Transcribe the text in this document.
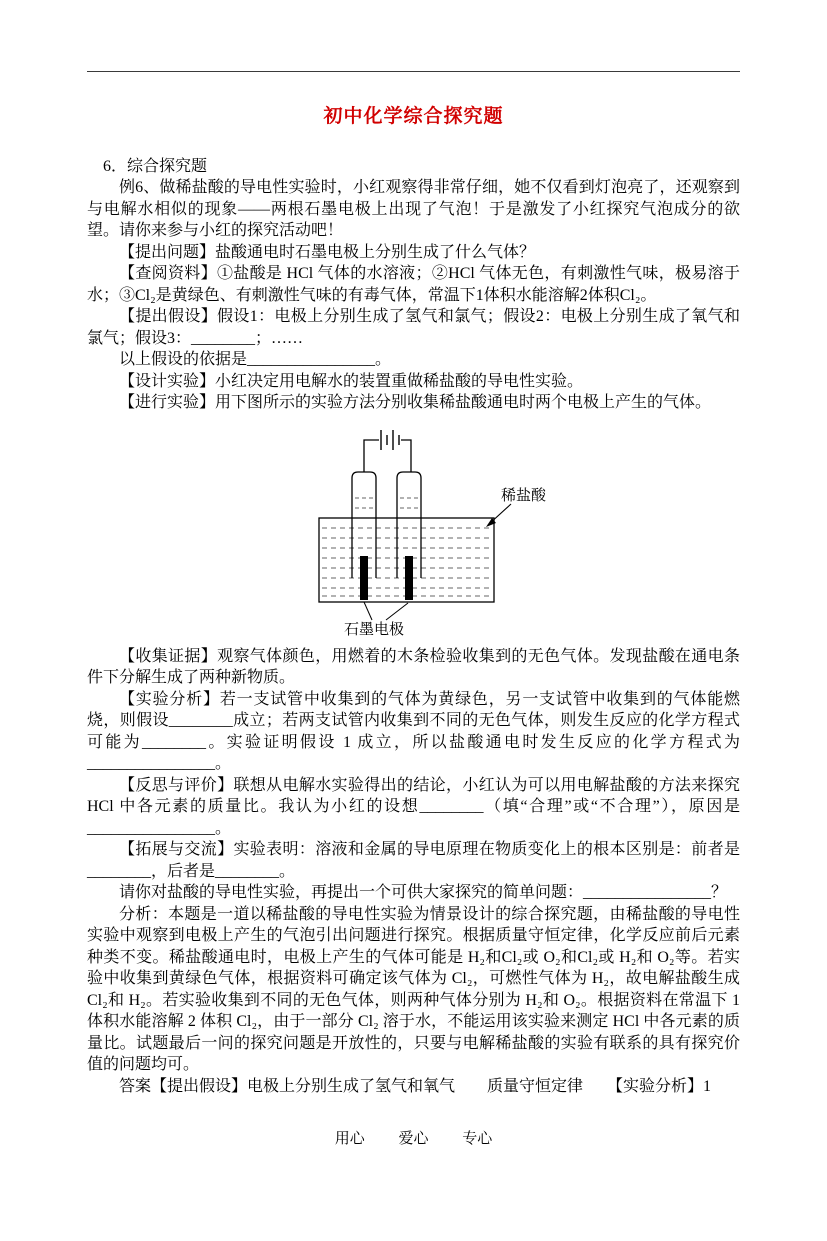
初中化学综合探究题

6．综合探究题

例6、做稀盐酸的导电性实验时，小红观察得非常仔细，她不仅看到灯泡亮了，还观察到与电解水相似的现象——两根石墨电极上出现了气泡！于是激发了小红探究气泡成分的欲望。请你来参与小红的探究活动吧！

【提出问题】盐酸通电时石墨电极上分别生成了什么气体？

【查阅资料】①盐酸是 HCl 气体的水溶液；②HCl 气体无色，有刺激性气味，极易溶于水；③Cl₂是黄绿色、有刺激性气味的有毒气体，常温下1体积水能溶解2体积Cl₂。

【提出假设】假设1：电极上分别生成了氢气和氯气；假设2：电极上分别生成了氧气和氯气；假设3：________；……

以上假设的依据是________________。

【设计实验】小红决定用电解水的装置重做稀盐酸的导电性实验。

【进行实验】用下图所示的实验方法分别收集稀盐酸通电时两个电极上产生的气体。

稀盐酸
石墨电极

【收集证据】观察气体颜色，用燃着的木条检验收集到的无色气体。发现盐酸在通电条件下分解生成了两种新物质。

【实验分析】若一支试管中收集到的气体为黄绿色，另一支试管中收集到的气体能燃烧，则假设________成立；若两支试管内收集到不同的无色气体，则发生反应的化学方程式可能为________。实验证明假设 1 成立，所以盐酸通电时发生反应的化学方程式为________________。

【反思与评价】联想从电解水实验得出的结论，小红认为可以用电解盐酸的方法来探究HCl 中各元素的质量比。我认为小红的设想________（填“合理”或“不合理”），原因是________________。

【拓展与交流】实验表明：溶液和金属的导电原理在物质变化上的根本区别是：前者是________，后者是________。

请你对盐酸的导电性实验，再提出一个可供大家探究的简单问题：________________？

分析：本题是一道以稀盐酸的导电性实验为情景设计的综合探究题，由稀盐酸的导电性实验中观察到电极上产生的气泡引出问题进行探究。根据质量守恒定律，化学反应前后元素种类不变。稀盐酸通电时，电极上产生的气体可能是 H₂和Cl₂或 O₂和Cl₂或 H₂和 O₂等。若实验中收集到黄绿色气体，根据资料可确定该气体为 Cl₂，可燃性气体为 H₂，故电解盐酸生成Cl₂和 H₂。若实验收集到不同的无色气体，则两种气体分别为 H₂和 O₂。根据资料在常温下 1 体积水能溶解 2 体积 Cl₂，由于一部分 Cl₂ 溶于水，不能运用该实验来测定 HCl 中各元素的质量比。试题最后一问的探究问题是开放性的，只要与电解稀盐酸的实验有联系的具有探究价值的问题均可。

答案【提出假设】电极上分别生成了氢气和氧气　　质量守恒定律　　【实验分析】1

用心 爱心 专心
